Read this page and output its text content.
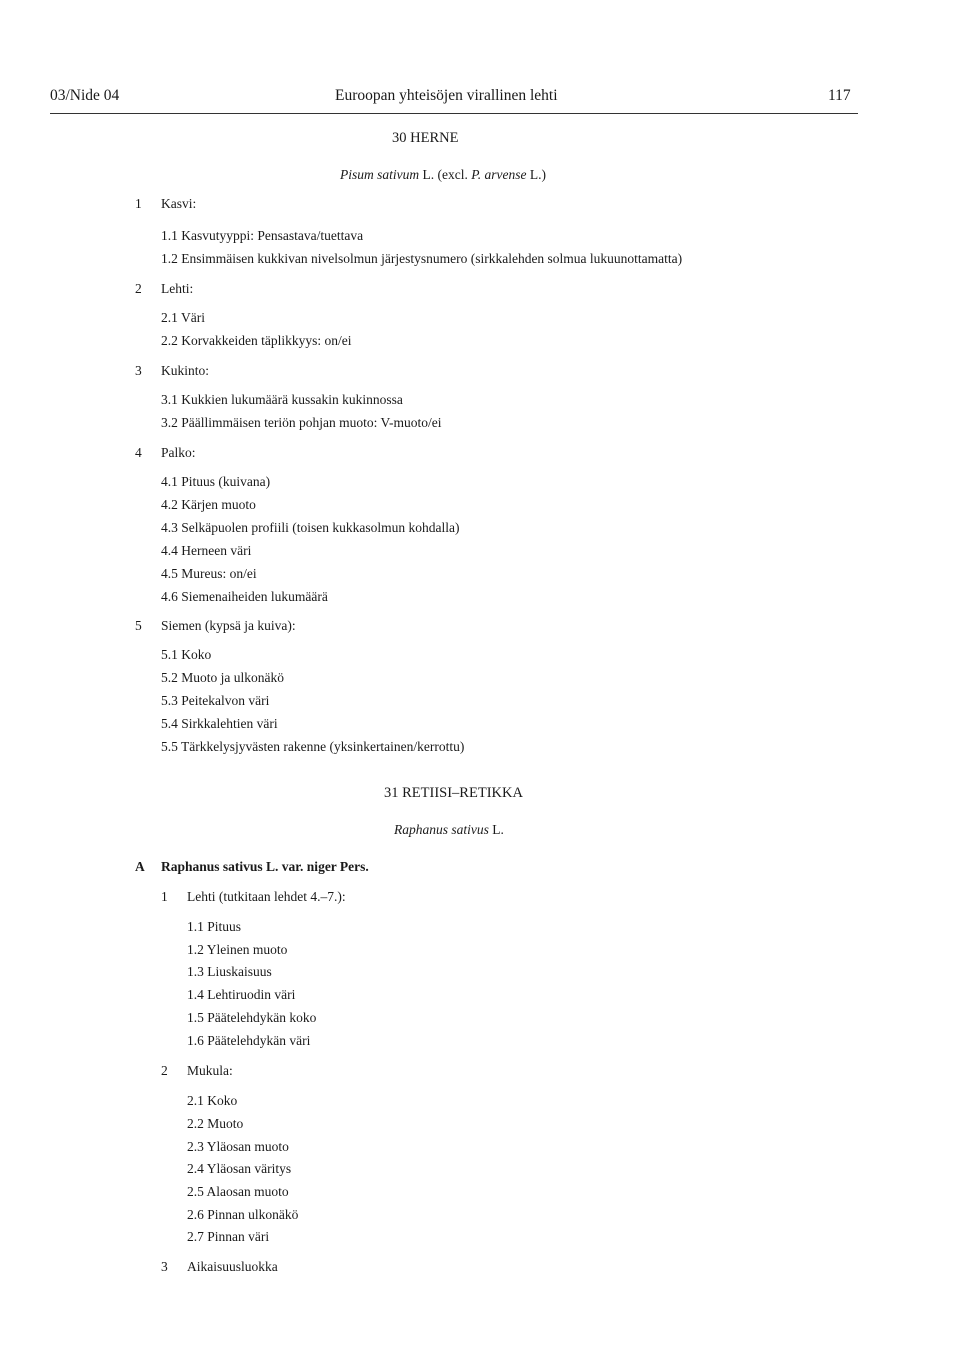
03/Nide 04	Euroopan yhteisöjen virallinen lehti	117
30 HERNE
Pisum sativum L. (excl. P. arvense L.)
1 Kasvi:
1.1 Kasvutyyppi: Pensastava/tuettava
1.2 Ensimmäisen kukkivan nivelsolmun järjestysnumero (sirkkalehden solmua lukuunottamatta)
2 Lehti:
2.1 Väri
2.2 Korvakkeiden täplikkyys: on/ei
3 Kukinto:
3.1 Kukkien lukumäärä kussakin kukinnossa
3.2 Päällimmäisen teriön pohjan muoto: V-muoto/ei
4 Palko:
4.1 Pituus (kuivana)
4.2 Kärjen muoto
4.3 Selkäpuolen profiili (toisen kukkasolmun kohdalla)
4.4 Herneen väri
4.5 Mureus: on/ei
4.6 Siemenaiheiden lukumäärä
5 Siemen (kypsä ja kuiva):
5.1 Koko
5.2 Muoto ja ulkonäkö
5.3 Peitekalvon väri
5.4 Sirkkalehtien väri
5.5 Tärkkelysjyvästen rakenne (yksinkertainen/kerrottu)
31 RETIISI–RETIKKA
Raphanus sativus L.
A Raphanus sativus L. var. niger Pers.
1 Lehti (tutkitaan lehdet 4.–7.):
1.1 Pituus
1.2 Yleinen muoto
1.3 Liuskaisuus
1.4 Lehtiruodin väri
1.5 Päätelehdykän koko
1.6 Päätelehdykän väri
2 Mukula:
2.1 Koko
2.2 Muoto
2.3 Yläosan muoto
2.4 Yläosan väritys
2.5 Alaosan muoto
2.6 Pinnan ulkonäkö
2.7 Pinnan väri
3 Aikaisuusluokka
